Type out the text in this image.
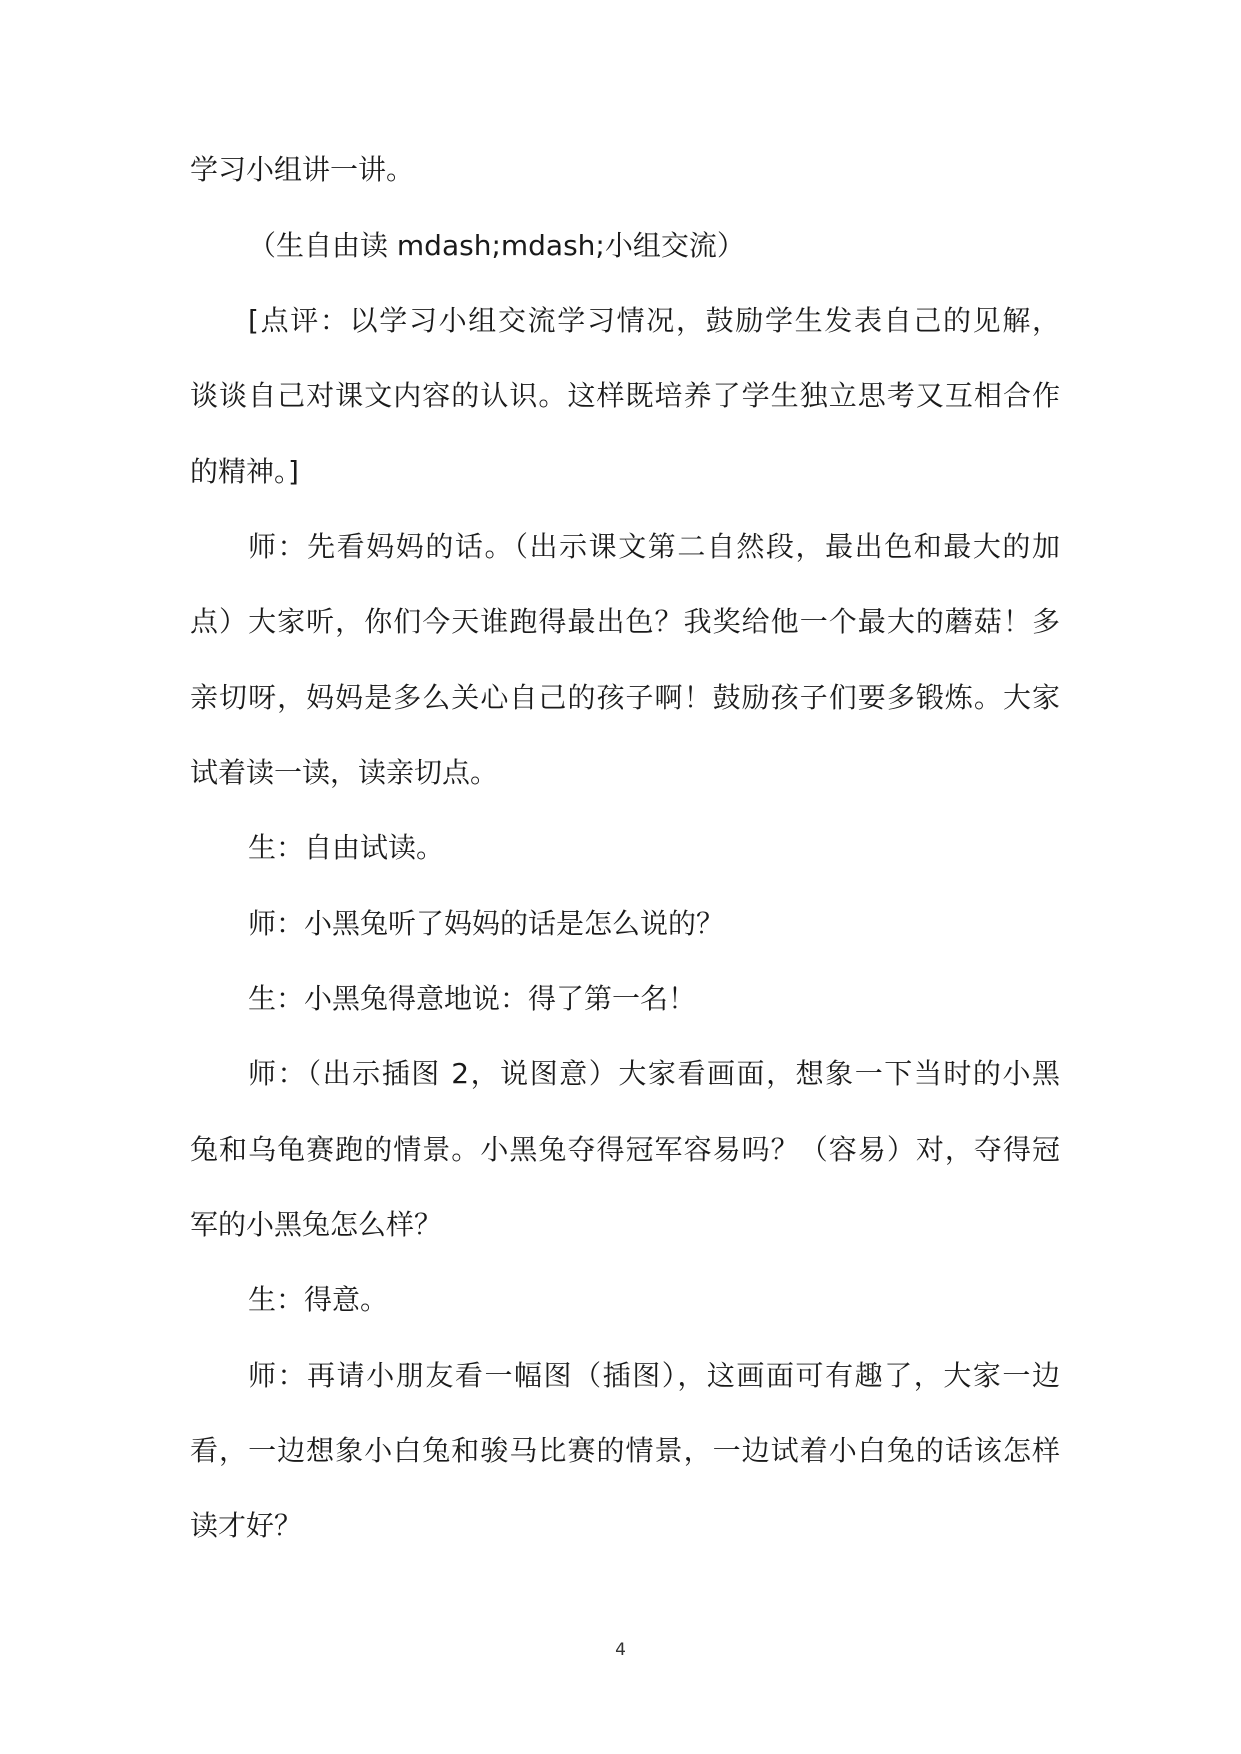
学习小组讲一讲。
（生自由读 mdash;mdash;小组交流）
[点评：以学习小组交流学习情况，鼓励学生发表自己的见解，
谈谈自己对课文内容的认识。这样既培养了学生独立思考又互相合作
的精神。]
师：先看妈妈的话。（出示课文第二自然段，最出色和最大的加
点）大家听，你们今天谁跑得最出色？我奖给他一个最大的蘑菇！多
亲切呀，妈妈是多么关心自己的孩子啊！鼓励孩子们要多锻炼。大家
试着读一读，读亲切点。
生：自由试读。
师：小黑兔听了妈妈的话是怎么说的？
生：小黑兔得意地说：得了第一名！
师：（出示插图 2，说图意）大家看画面，想象一下当时的小黑
兔和乌龟赛跑的情景。小黑兔夺得冠军容易吗？（容易）对，夺得冠
军的小黑兔怎么样？
生：得意。
师：再请小朋友看一幅图（插图），这画面可有趣了，大家一边
看，一边想象小白兔和骏马比赛的情景，一边试着小白兔的话该怎样
读才好？
4
